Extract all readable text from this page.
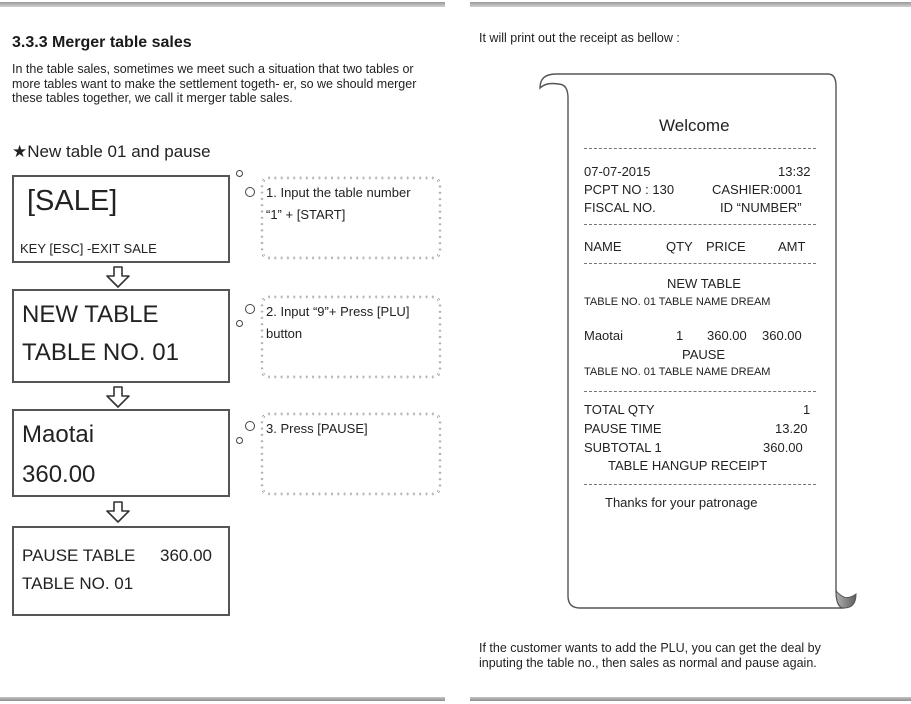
3.3.3 Merger table sales

In the table sales, sometimes we meet such a situation that two tables or more tables want to make the settlement togeth- er, so we should merger these tables together, we call it merger table sales.

★New table 01 and pause
[SALE]
KEY [ESC] -EXIT SALE
NEW TABLE
TABLE NO. 01
Maotai
360.00
PAUSE TABLE 360.00
TABLE NO. 01
1. Input the table number
“1” + [START]
2. Input “9”+ Press [PLU]
button
3. Press [PAUSE]

It will print out the receipt as bellow :

Welcome
07-07-2015	13:32
PCPT NO : 130	CASHIER:0001
FISCAL NO.	ID “NUMBER”
NAME	QTY PRICE AMT
NEW TABLE
TABLE NO. 01 TABLE NAME DREAM
Maotai	1 360.00 360.00
PAUSE
TABLE NO. 01 TABLE NAME DREAM
TOTAL QTY	1
PAUSE TIME	13.20
SUBTOTAL 1	360.00
TABLE HANGUP RECEIPT
Thanks for your patronage

If the customer wants to add the PLU, you can get the deal by

inputing the table no., then sales as normal and pause again.
